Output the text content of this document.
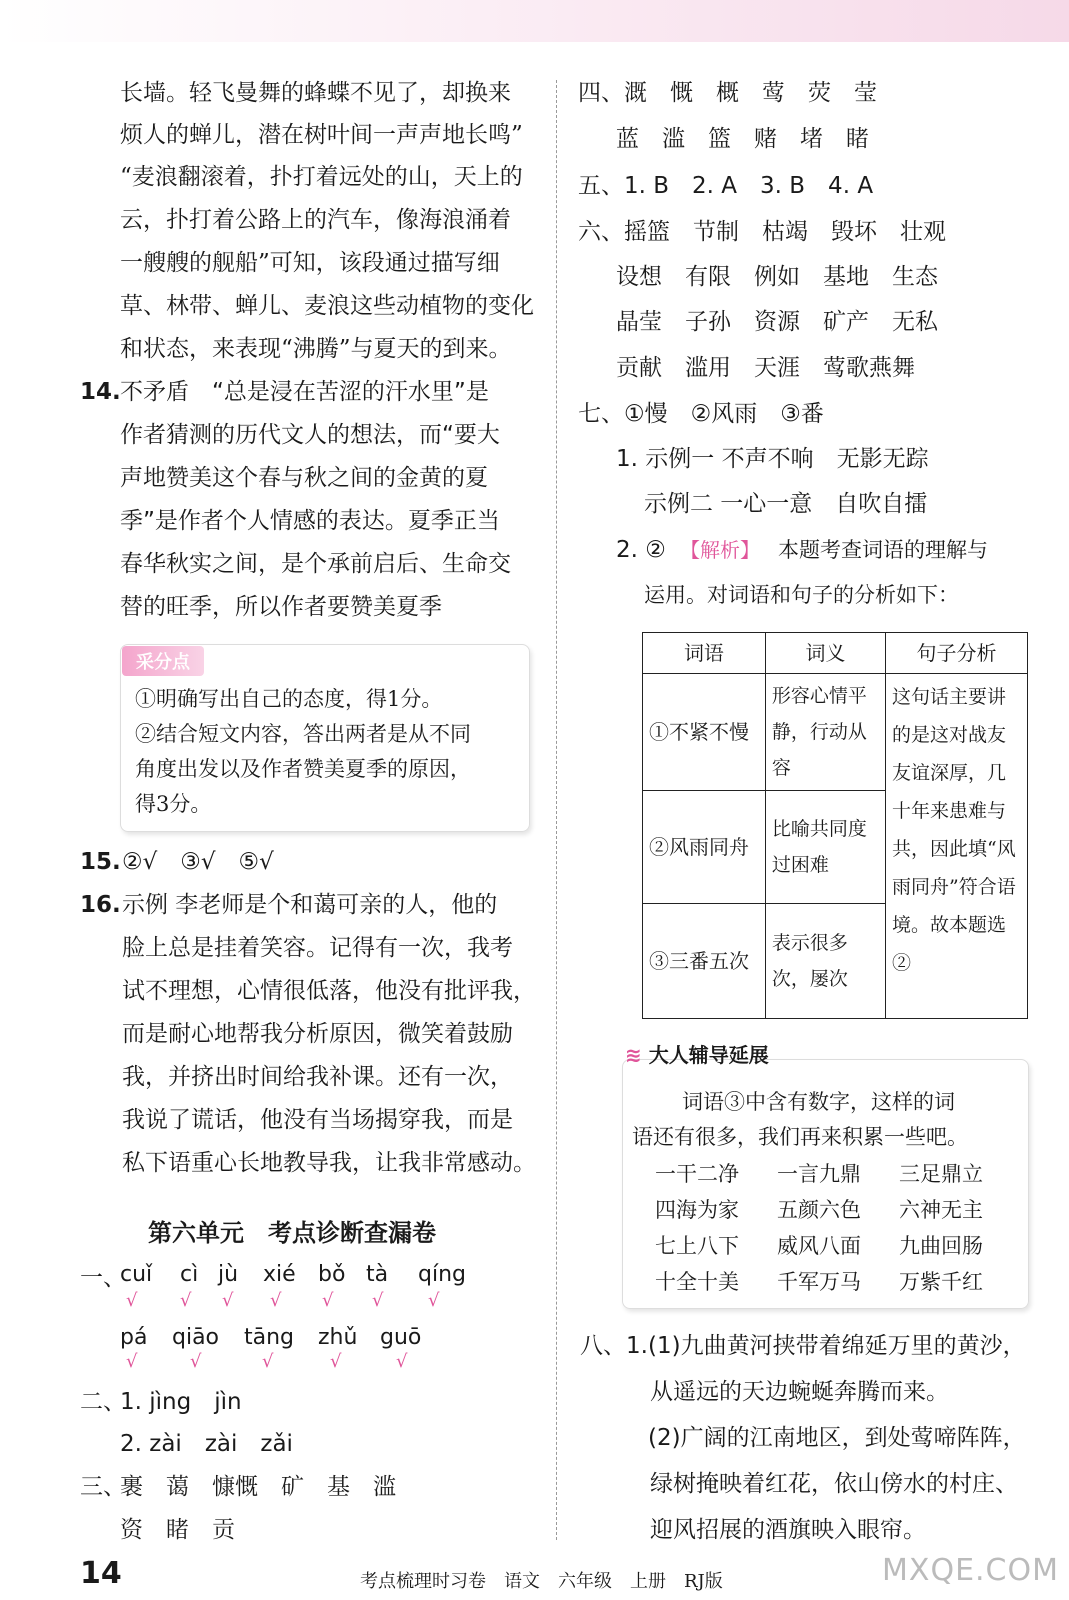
长墙。轻飞曼舞的蜂蝶不见了，却换来
烦人的蝉儿，潜在树叶间一声声地长鸣”
“麦浪翻滚着，扑打着远处的山，天上的
云，扑打着公路上的汽车，像海浪涌着
一艘艘的舰船”可知，该段通过描写细
草、林带、蝉儿、麦浪这些动植物的变化
和状态，来表现“沸腾”与夏天的到来。
14. 不矛盾　“总是浸在苦涩的汗水里”是
作者猜测的历代文人的想法，而“要大
声地赞美这个春与秋之间的金黄的夏
季”是作者个人情感的表达。夏季正当
春华秋实之间，是个承前启后、生命交
替的旺季，所以作者要赞美夏季
采分点
①明确写出自己的态度，得1分。
②结合短文内容，答出两者是从不同
角度出发以及作者赞美夏季的原因，
得3分。
15. ②√　③√　⑤√
16. 示例 李老师是个和蔼可亲的人，他的
脸上总是挂着笑容。记得有一次，我考
试不理想，心情很低落，他没有批评我，
而是耐心地帮我分析原因，微笑着鼓励
我，并挤出时间给我补课。还有一次，
我说了谎话，他没有当场揭穿我，而是
私下语重心长地教导我，让我非常感动。
第六单元　考点诊断查漏卷
一、
cuǐ cì jù xié bǒ tà qíng
√ √ √ √ √ √ √
pá qiāo tāng zhǔ guō
√	√	√	√	√
二、
1. jìng　jìn
2. zài　zài　zǎi
三、
裹　蔼　慷慨　矿　基　滥
资　睹　贡
四、溉　慨　概　莺　荧　莹
蓝　滥　篮　赌　堵　睹
五、1. B　2. A　3. B　4. A
六、摇篮　节制　枯竭　毁坏　壮观
设想　有限　例如　基地　生态
晶莹　子孙　资源　矿产　无私
贡献　滥用　天涯　莺歌燕舞
七、①慢　②风雨　③番
1. 示例一 不声不响　无影无踪
示例二 一心一意　自吹自擂
2. ② 【解析】 本题考查词语的理解与
运用。对词语和句子的分析如下：
词语	词义	句子分析
①不紧不慢	形容心情平静，行动从容	这句话主要讲的是这对战友友谊深厚，几十年来患难与共，因此填“风雨同舟”符合语境。故本题选②
②风雨同舟	比喻共同度过困难	
③三番五次	表示很多次，屡次	
≋ 大人辅导延展
词语③中含有数字，这样的词
语还有很多，我们再来积累一些吧。
一干二净 一言九鼎 三足鼎立
四海为家 五颜六色 六神无主
七上八下 威风八面 九曲回肠
十全十美 千军万马 万紫千红
八、1. (1)九曲黄河挟带着绵延万里的黄沙，
从遥远的天边蜿蜒奔腾而来。
(2)广阔的江南地区，到处莺啼阵阵，
绿树掩映着红花，依山傍水的村庄、
迎风招展的酒旗映入眼帘。
14	考点梳理时习卷　语文　六年级　上册　RJ版	MXQE.COM
